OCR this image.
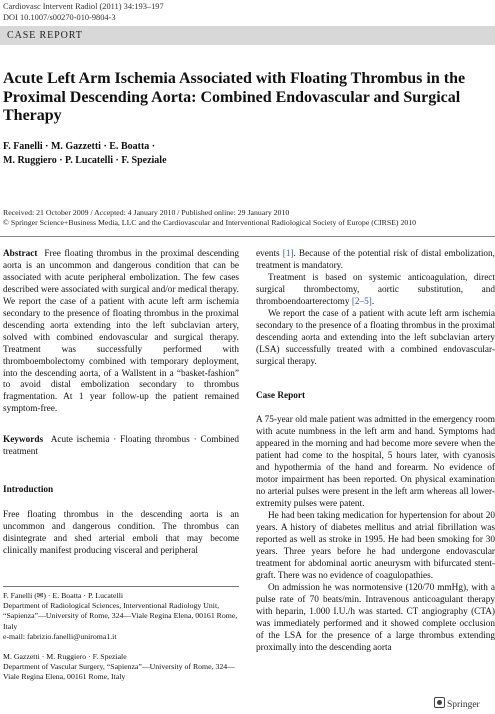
Cardiovasc Intervent Radiol (2011) 34:193–197
DOI 10.1007/s00270-010-9804-3
CASE REPORT
Acute Left Arm Ischemia Associated with Floating Thrombus in the Proximal Descending Aorta: Combined Endovascular and Surgical Therapy
F. Fanelli · M. Gazzetti · E. Boatta ·
M. Ruggiero · P. Lucatelli · F. Speziale
Received: 21 October 2009 / Accepted: 4 January 2010 / Published online: 29 January 2010
© Springer Science+Business Media, LLC and the Cardiovascular and Interventional Radiological Society of Europe (CIRSE) 2010

Abstract Free floating thrombus in the proximal descending aorta is an uncommon and dangerous condition that can be associated with acute peripheral embolization. The few cases described were associated with surgical and/or medical therapy. We report the case of a patient with acute left arm ischemia secondary to the presence of floating thrombus in the proximal descending aorta extending into the left subclavian artery, solved with combined endovascular and surgical therapy. Treatment was successfully performed with thromboembolectomy combined with temporary deployment, into the descending aorta, of a Wallstent in a “basket-fashion” to avoid distal embolization secondary to thrombus fragmentation. At 1 year follow-up the patient remained symptom-free.

Keywords Acute ischemia · Floating thrombus · Combined treatment

Introduction

Free floating thrombus in the descending aorta is an uncommon and dangerous condition. The thrombus can disintegrate and shed arterial emboli that may become clinically manifest producing visceral and peripheral

F. Fanelli (✉) · E. Boatta · P. Lucatelli
Department of Radiological Sciences, Interventional Radiology Unit, “Sapienza”—University of Rome, 324—Viale Regina Elena, 00161 Rome, Italy
e-mail: fabrizio.fanelli@uniroma1.it
M. Gazzetti · M. Ruggiero · F. Speziale
Department of Vascular Surgery, “Sapienza”—University of Rome, 324—Viale Regina Elena, 00161 Rome, Italy

events [1]. Because of the potential risk of distal embolization, treatment is mandatory.

Treatment is based on systemic anticoagulation, direct surgical thrombectomy, aortic substitution, and thromboendoarterectomy [2–5].

We report the case of a patient with acute left arm ischemia secondary to the presence of a floating thrombus in the proximal descending aorta and extending into the left subclavian artery (LSA) successfully treated with a combined endovascular-surgical therapy.

Case Report

A 75-year old male patient was admitted in the emergency room with acute numbness in the left arm and hand. Symptoms had appeared in the morning and had become more severe when the patient had come to the hospital, 5 hours later, with cyanosis and hypothermia of the hand and forearm. No evidence of motor impairment has been reported. On physical examination no arterial pulses were present in the left arm whereas all lower-extremity pulses were patent.

He had been taking medication for hypertension for about 20 years. A history of diabetes mellitus and atrial fibrillation was reported as well as stroke in 1995. He had been smoking for 30 years. Three years before he had undergone endovascular treatment for abdominal aortic aneurysm with bifurcated stent-graft. There was no evidence of coagulopathies.

On admission he was normotensive (120/70 mmHg), with a pulse rate of 70 beats/min. Intravenous anticoagulant therapy with heparin, 1.000 I.U./h was started. CT angiography (CTA) was immediately performed and it showed complete occlusion of the LSA for the presence of a large thrombus extending proximally into the descending aorta

Springer
